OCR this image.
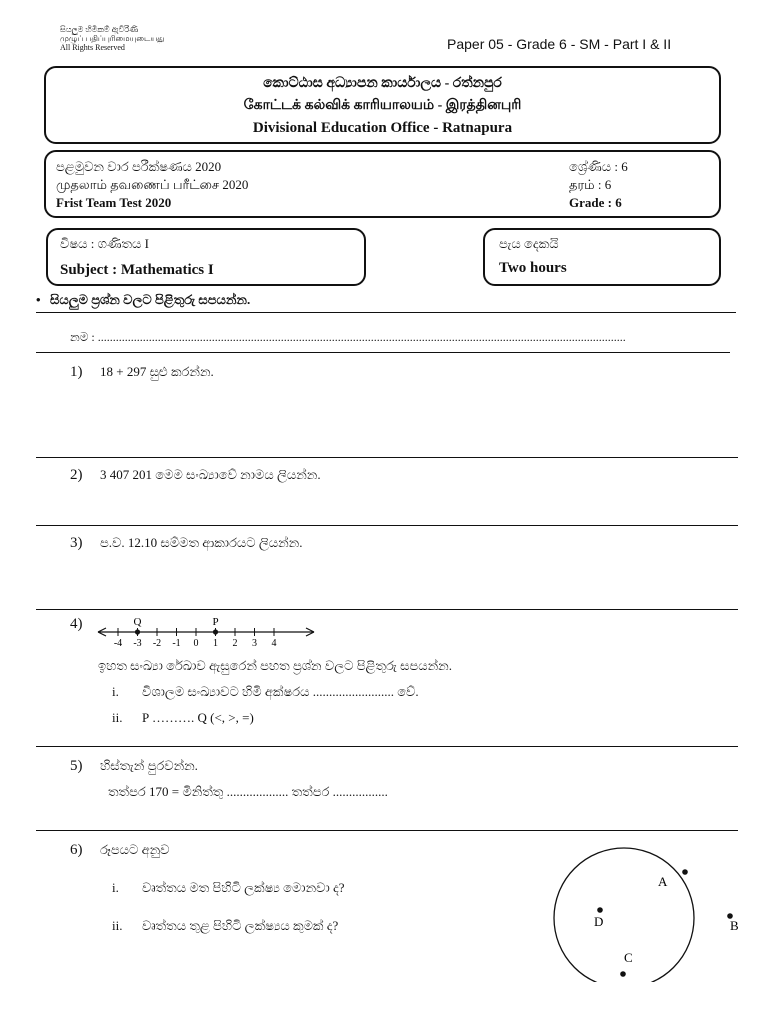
සියලුම හිමිකම් ඇවිරිණි
முழுப் பதிப்புரிமையுடையது
All Rights Reserved	Paper 05 - Grade 6 - SM - Part I & II
කොට්ඨාස අධ්‍යාපන කාර්යාලය - රත්නපුර
கோட்டக் கல்விக் காரியாலயம் - இரத்தினபுரி
Divisional Education Office - Ratnapura
පළමුවන වාර පරීක්ෂණය 2020
முதலாம் தவணைப் பரீட்சை 2020
Frist Team Test 2020
ශ්‍රේණිය : 6
தரம் : 6
Grade : 6
විෂය : ගණිතය I
Subject : Mathematics I
පැය දෙකයි
Two hours
• සියලුම ප්‍රශ්න වලට පිළිතුරු සපයන්න.
නම : ................................................................................................................................................................................
1) 18 + 297 සුළු කරන්න.
2) 3 407 201 මෙම සංඛ්‍යාවේ නාමය ලියන්න.
3) ප.ව. 12.10 සම්මත ආකාරයට ලියන්න.
4)
-4 -3 -2 -1 0 1 2 3 4
Q	P
ඉහත සංඛ්‍යා රේඛාව ඇසුරෙන් පහත ප්‍රශ්න වලට පිළිතුරු සපයන්න.
i. විශාලම සංඛ්‍යාවට හිමි අක්ෂරය ......................... වේ.
ii. P ………. Q (<, >, =)
5) හිස්තැන් පුරවන්න.
තත්පර 170 = මිනිත්තු ................... තත්පර .................
6) රූපයට අනුව
i. වෘත්තය මත පිහිටි ලක්ෂ්‍ය මොනවා ද?
ii. වෘත්තය තුළ පිහිටි ලක්ෂ්‍යය කුමක් ද?
A
D
C
B
